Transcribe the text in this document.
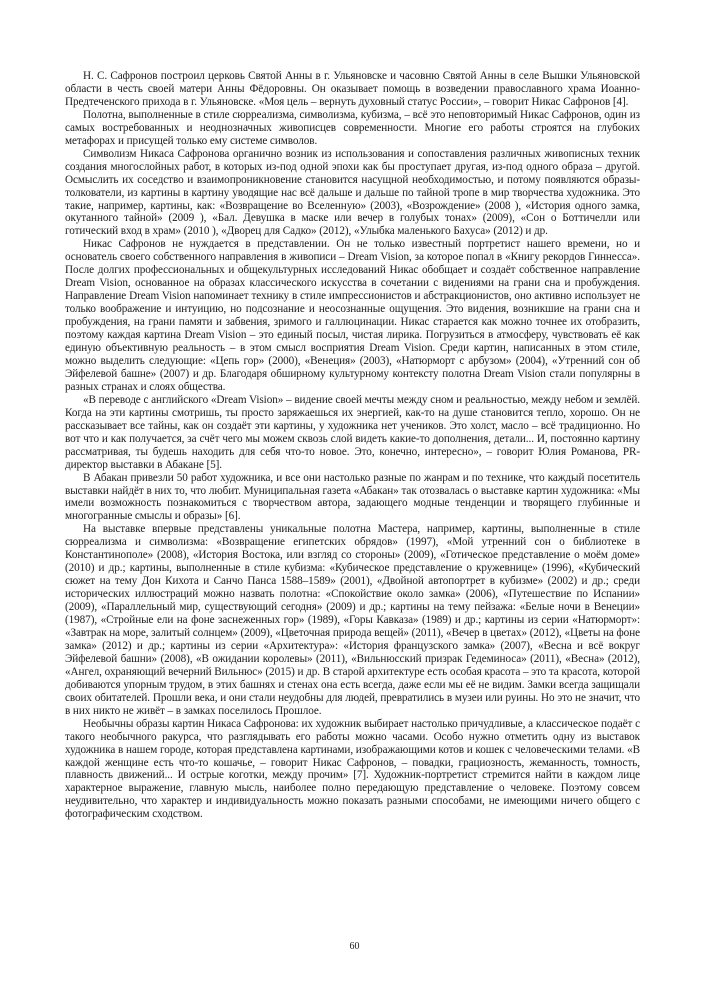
Н. С. Сафронов построил церковь Святой Анны в г. Ульяновске и часовню Святой Анны в селе Вышки Ульяновской области в честь своей матери Анны Фёдоровны. Он оказывает помощь в возведении православного храма Иоанно-Предтеченского прихода в г. Ульяновске. «Моя цель – вернуть духовный статус России», – говорит Никас Сафронов [4].

Полотна, выполненные в стиле сюрреализма, символизма, кубизма, – всё это неповторимый Никас Сафронов, один из самых востребованных и неоднозначных живописцев современности. Многие его работы строятся на глубоких метафорах и присущей только ему системе символов.

Символизм Никаса Сафронова органично возник из использования и сопоставления различных живописных техник создания многослойных работ, в которых из-под одной эпохи как бы проступает другая, из-под одного образа – другой. Осмыслить их соседство и взаимопроникновение становится насущной необходимостью, и потому появляются образы-толкователи, из картины в картину уводящие нас всё дальше и дальше по тайной тропе в мир творчества художника. Это такие, например, картины, как: «Возвращение во Вселенную» (2003), «Возрождение» (2008 ), «История одного замка, окутанного тайной» (2009 ), «Бал. Девушка в маске или вечер в голубых тонах» (2009), «Сон о Боттичелли или готический вход в храм» (2010 ), «Дворец для Садко» (2012), «Улыбка маленького Бахуса» (2012) и др.

Никас Сафронов не нуждается в представлении. Он не только известный портретист нашего времени, но и основатель своего собственного направления в живописи – Dream Vision, за которое попал в «Книгу рекордов Гиннесса». После долгих профессиональных и общекультурных исследований Никас обобщает и создаёт собственное направление Dream Vision, основанное на образах классического искусства в сочетании с видениями на грани сна и пробуждения. Направление Dream Vision напоминает технику в стиле импрессионистов и абстракционистов, оно активно использует не только воображение и интуицию, но подсознание и неосознанные ощущения. Это видения, возникшие на грани сна и пробуждения, на грани памяти и забвения, зримого и галлюцинации. Никас старается как можно точнее их отобразить, поэтому каждая картина Dream Vision – это единый посыл, чистая лирика. Погрузиться в атмосферу, чувствовать её как единую объективную реальность – в этом смысл восприятия Dream Vision. Среди картин, написанных в этом стиле, можно выделить следующие: «Цепь гор» (2000), «Венеция» (2003), «Натюрморт с арбузом» (2004), «Утренний сон об Эйфелевой башне» (2007) и др. Благодаря обширному культурному контексту полотна Dream Vision стали популярны в разных странах и слоях общества.

«В переводе с английского «Dream Vision» – видение своей мечты между сном и реальностью, между небом и землёй. Когда на эти картины смотришь, ты просто заряжаешься их энергией, как-то на душе становится тепло, хорошо. Он не рассказывает все тайны, как он создаёт эти картины, у художника нет учеников. Это холст, масло – всё традиционно. Но вот что и как получается, за счёт чего мы можем сквозь слой видеть какие-то дополнения, детали... И, постоянно картину рассматривая, ты будешь находить для себя что-то новое. Это, конечно, интересно», – говорит Юлия Романова, PR-директор выставки в Абакане [5].

В Абакан привезли 50 работ художника, и все они настолько разные по жанрам и по технике, что каждый посетитель выставки найдёт в них то, что любит. Муниципальная газета «Абакан» так отозвалась о выставке картин художника: «Мы имели возможность познакомиться с творчеством автора, задающего модные тенденции и творящего глубинные и многогранные смыслы и образы» [6].

На выставке впервые представлены уникальные полотна Мастера, например, картины, выполненные в стиле сюрреализма и символизма: «Возвращение египетских обрядов» (1997), «Мой утренний сон о библиотеке в Константинополе» (2008), «История Востока, или взгляд со стороны» (2009), «Готическое представление о моём доме» (2010) и др.; картины, выполненные в стиле кубизма: «Кубическое представление о кружевнице» (1996), «Кубический сюжет на тему Дон Кихота и Санчо Панса 1588–1589» (2001), «Двойной автопортрет в кубизме» (2002) и др.; среди исторических иллюстраций можно назвать полотна: «Спокойствие около замка» (2006), «Путешествие по Испании» (2009), «Параллельный мир, существующий сегодня» (2009) и др.; картины на тему пейзажа: «Белые ночи в Венеции» (1987), «Стройные ели на фоне заснеженных гор» (1989), «Горы Кавказа» (1989) и др.; картины из серии «Натюрморт»: «Завтрак на море, залитый солнцем» (2009), «Цветочная природа вещей» (2011), «Вечер в цветах» (2012), «Цветы на фоне замка» (2012) и др.; картины из серии «Архитектура»: «История французского замка» (2007), «Весна и всё вокруг Эйфелевой башни» (2008), «В ожидании королевы» (2011), «Вильнюсский призрак Гедеминоса» (2011), «Весна» (2012), «Ангел, охраняющий вечерний Вильнюс» (2015) и др. В старой архитектуре есть особая красота – это та красота, которой добиваются упорным трудом, в этих башнях и стенах она есть всегда, даже если мы её не видим. Замки всегда защищали своих обитателей. Прошли века, и они стали неудобны для людей, превратились в музеи или руины. Но это не значит, что в них никто не живёт – в замках поселилось Прошлое.

Необычны образы картин Никаса Сафронова: их художник выбирает настолько причудливые, а классическое подаёт с такого необычного ракурса, что разглядывать его работы можно часами. Особо нужно отметить одну из выставок художника в нашем городе, которая представлена картинами, изображающими котов и кошек с человеческими телами. «В каждой женщине есть что-то кошачье, – говорит Никас Сафронов, – повадки, грациозность, жеманность, томность, плавность движений... И острые коготки, между прочим» [7]. Художник-портретист стремится найти в каждом лице характерное выражение, главную мысль, наиболее полно передающую представление о человеке. Поэтому совсем неудивительно, что характер и индивидуальность можно показать разными способами, не имеющими ничего общего с фотографическим сходством.

60
